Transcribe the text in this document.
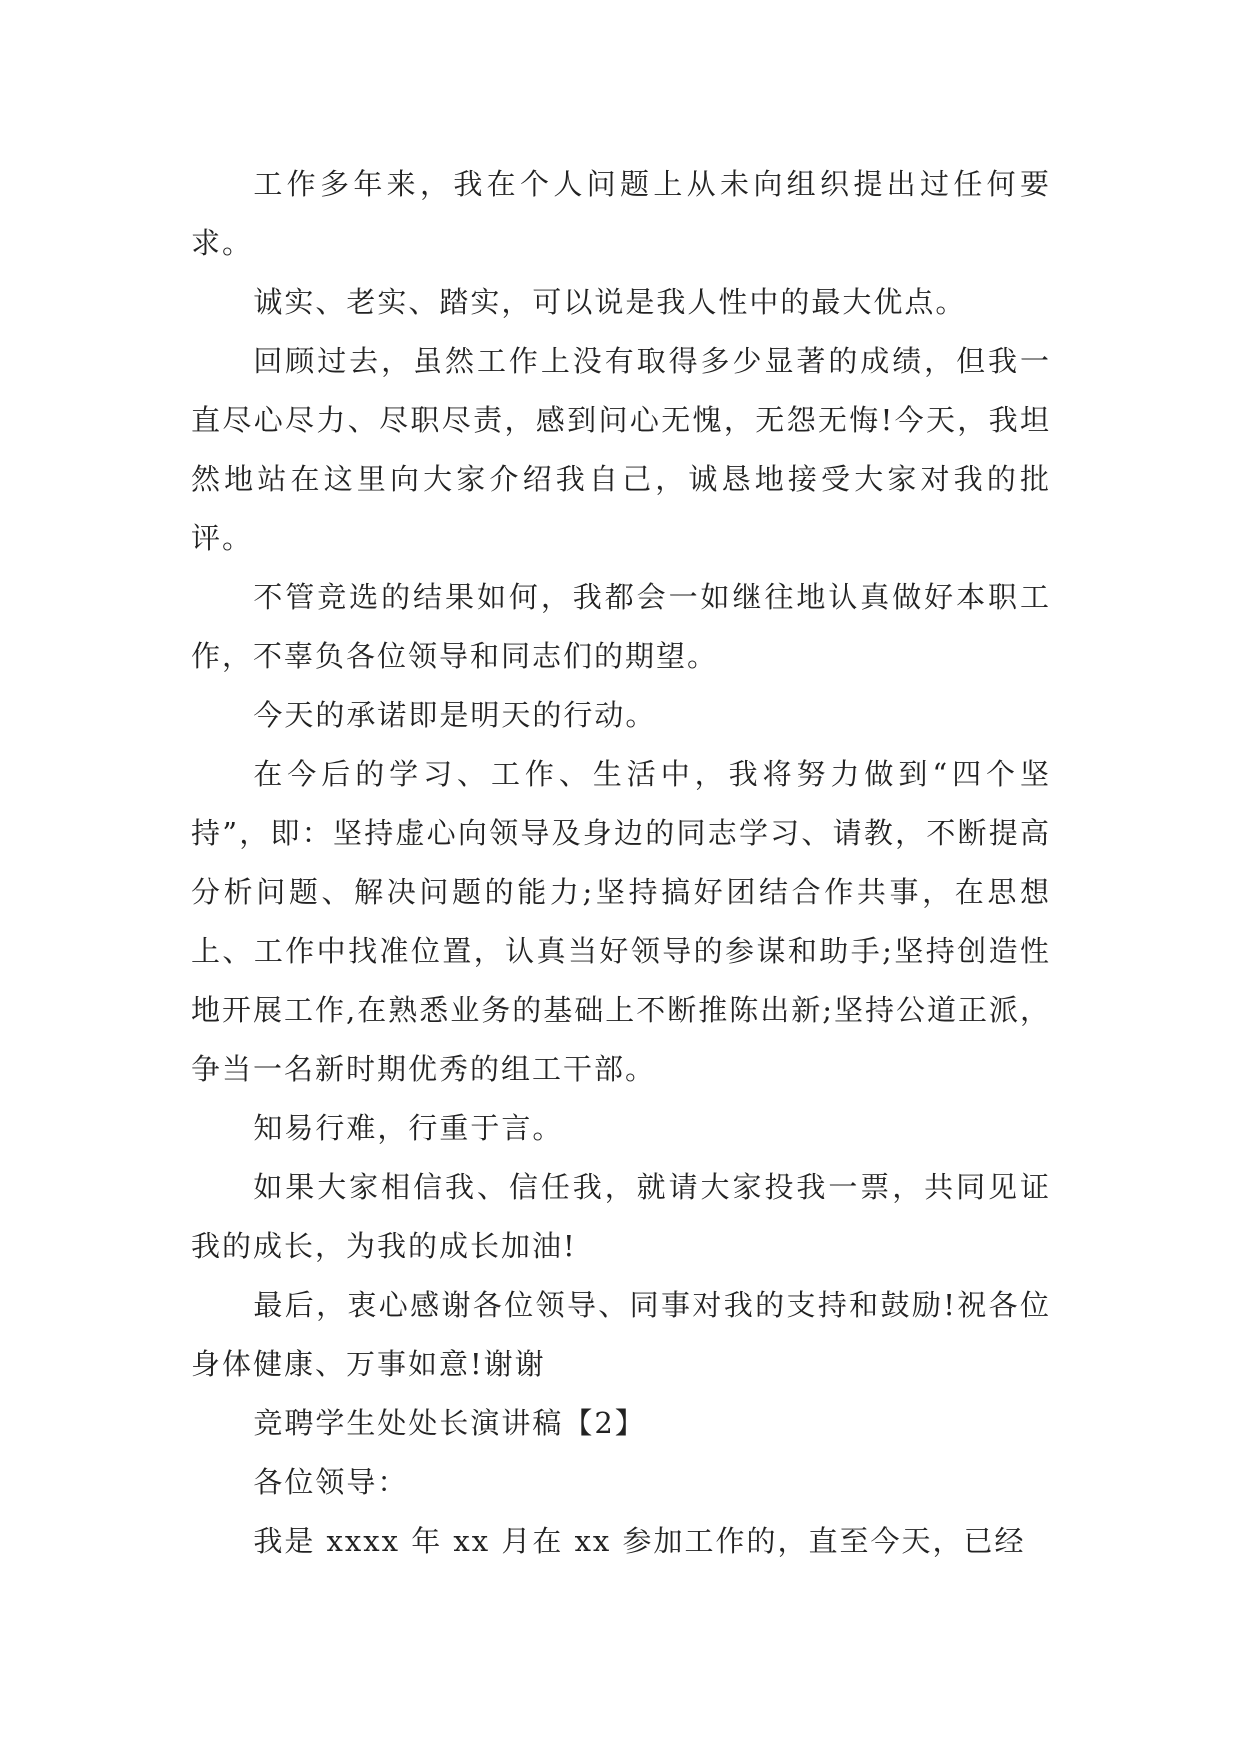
工作多年来，我在个人问题上从未向组织提出过任何要求。

诚实、老实、踏实，可以说是我人性中的最大优点。

回顾过去，虽然工作上没有取得多少显著的成绩，但我一直尽心尽力、尽职尽责，感到问心无愧，无怨无悔!今天，我坦然地站在这里向大家介绍我自己，诚恳地接受大家对我的批评。

不管竞选的结果如何，我都会一如继往地认真做好本职工作，不辜负各位领导和同志们的期望。

今天的承诺即是明天的行动。

在今后的学习、工作、生活中，我将努力做到“四个坚持”，即：坚持虚心向领导及身边的同志学习、请教，不断提高分析问题、解决问题的能力;坚持搞好团结合作共事，在思想上、工作中找准位置，认真当好领导的参谋和助手;坚持创造性地开展工作,在熟悉业务的基础上不断推陈出新;坚持公道正派，争当一名新时期优秀的组工干部。

知易行难，行重于言。

如果大家相信我、信任我，就请大家投我一票，共同见证我的成长，为我的成长加油!

最后，衷心感谢各位领导、同事对我的支持和鼓励!祝各位身体健康、万事如意!谢谢

竞聘学生处处长演讲稿【2】

各位领导：

我是 xxxx 年 xx 月在 xx 参加工作的，直至今天，已经
